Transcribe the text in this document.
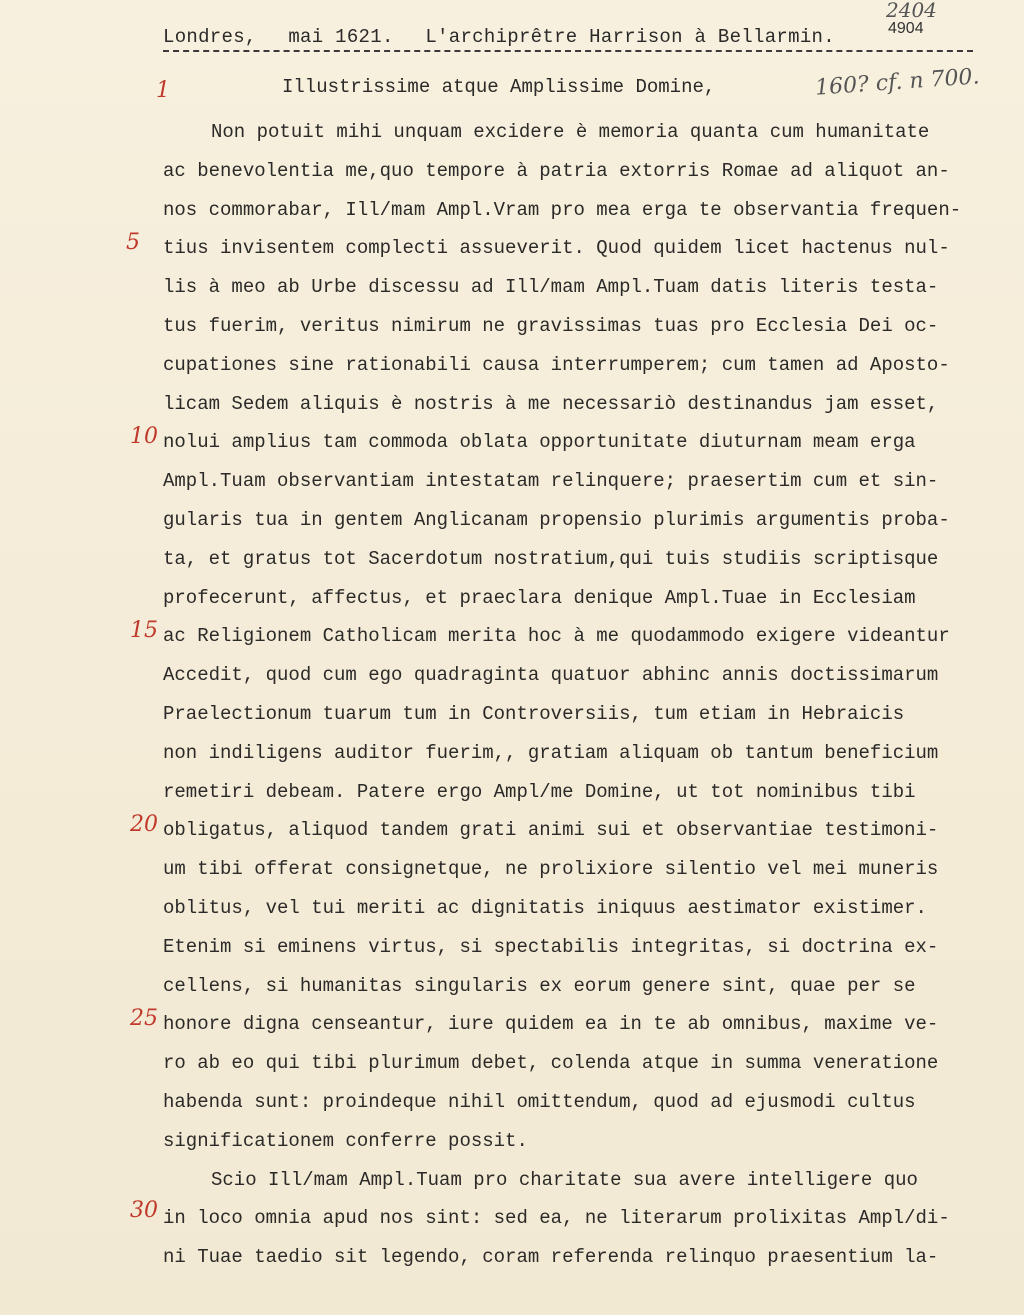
2404
4904
Londres, mai 1621. L'archiprêtre Harrison à Bellarmin.
160? cf. n 700.
Illustrissime atque Amplissime Domine,
1
5
10
15
20
25
30
Non potuit mihi unquam excidere è memoria quanta cum humanitate
ac benevolentia me,quo tempore à patria extorris Romae ad aliquot an-
nos commorabar, Ill/mam Ampl.Vram pro mea erga te observantia frequen-
tius invisentem complecti assueverit. Quod quidem licet hactenus nul-
lis à meo ab Urbe discessu ad Ill/mam Ampl.Tuam datis literis testa-
tus fuerim, veritus nimirum ne gravissimas tuas pro Ecclesia Dei oc-
cupationes sine rationabili causa interrumperem; cum tamen ad Aposto-
licam Sedem aliquis è nostris à me necessariò destinandus jam esset,
nolui amplius tam commoda oblata opportunitate diuturnam meam erga
Ampl.Tuam observantiam intestatam relinquere; praesertim cum et sin-
gularis tua in gentem Anglicanam propensio plurimis argumentis proba-
ta, et gratus tot Sacerdotum nostratium,qui tuis studiis scriptisque
profecerunt, affectus, et praeclara denique Ampl.Tuae in Ecclesiam
ac Religionem Catholicam merita hoc à me quodammodo exigere videantur
Accedit, quod cum ego quadraginta quatuor abhinc annis doctissimarum
Praelectionum tuarum tum in Controversiis, tum etiam in Hebraicis
non indiligens auditor fuerim,, gratiam aliquam ob tantum beneficium
remetiri debeam. Patere ergo Ampl/me Domine, ut tot nominibus tibi
obligatus, aliquod tandem grati animi sui et observantiae testimoni-
um tibi offerat consignetque, ne prolixiore silentio vel mei muneris
oblitus, vel tui meriti ac dignitatis iniquus aestimator existimer.
Etenim si eminens virtus, si spectabilis integritas, si doctrina ex-
cellens, si humanitas singularis ex eorum genere sint, quae per se
honore digna censeantur, iure quidem ea in te ab omnibus, maxime ve-
ro ab eo qui tibi plurimum debet, colenda atque in summa veneratione
habenda sunt: proindeque nihil omittendum, quod ad ejusmodi cultus
significationem conferre possit.
Scio Ill/mam Ampl.Tuam pro charitate sua avere intelligere quo
in loco omnia apud nos sint: sed ea, ne literarum prolixitas Ampl/di-
ni Tuae taedio sit legendo, coram referenda relinquo praesentium la-
